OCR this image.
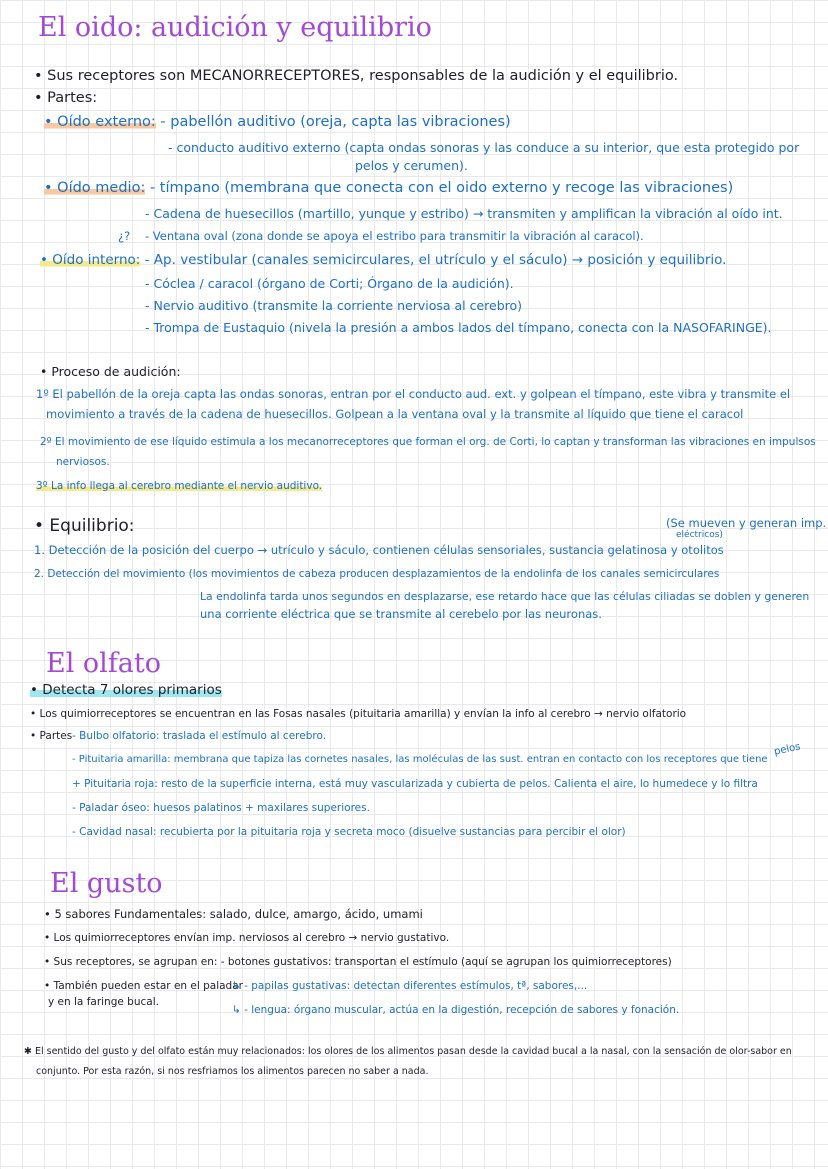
El oido: audición y equilibrio
• Sus receptores son MECANORRECEPTORES, responsables de la audición y el equilibrio.
• Partes:
• Oído externo: - pabellón auditivo (oreja, capta las vibraciones)
- conducto auditivo externo (capta ondas sonoras y las conduce a su interior, que esta protegido por
pelos y cerumen).
• Oído medio: - tímpano (membrana que conecta con el oido externo y recoge las vibraciones)
- Cadena de huesecillos (martillo, yunque y estribo) → transmiten y amplifican la vibración al oído int.
¿? - Ventana oval (zona donde se apoya el estribo para transmitir la vibración al caracol).
• Oído interno: - Ap. vestibular (canales semicirculares, el utrículo y el sáculo) → posición y equilibrio.
- Cóclea / caracol (órgano de Corti; Órgano de la audición).
- Nervio auditivo (transmite la corriente nerviosa al cerebro)
- Trompa de Eustaquio (nivela la presión a ambos lados del tímpano, conecta con la NASOFARINGE).
• Proceso de audición:
1º El pabellón de la oreja capta las ondas sonoras, entran por el conducto aud. ext. y golpean el tímpano, este vibra y transmite el
movimiento a través de la cadena de huesecillos. Golpean a la ventana oval y la transmite al líquido que tiene el caracol
2º El movimiento de ese líquido estimula a los mecanorreceptores que forman el org. de Corti, lo captan y transforman las vibraciones en impulsos
nerviosos.
3º La info llega al cerebro mediante el nervio auditivo.
• Equilibrio:	(Se mueven y generan imp.
eléctricos)
1. Detección de la posición del cuerpo → utrículo y sáculo, contienen células sensoriales, sustancia gelatinosa y otolitos
2. Detección del movimiento (los movimientos de cabeza producen desplazamientos de la endolinfa de los canales semicirculares
La endolinfa tarda unos segundos en desplazarse, ese retardo hace que las células ciliadas se doblen y generen
una corriente eléctrica que se transmite al cerebelo por las neuronas.
El olfato
• Detecta 7 olores primarios
• Los quimiorreceptores se encuentran en las Fosas nasales (pituitaria amarilla) y envían la info al cerebro → nervio olfatorio
• Partes - Bulbo olfatorio: traslada el estímulo al cerebro.
- Pituitaria amarilla: membrana que tapiza las cornetes nasales, las moléculas de las sust. entran en contacto con los receptores que tiene
pelos
+ Pituitaria roja: resto de la superficie interna, está muy vascularizada y cubierta de pelos. Calienta el aire, lo humedece y lo filtra
- Paladar óseo: huesos palatinos + maxilares superiores.
- Cavidad nasal: recubierta por la pituitaria roja y secreta moco (disuelve sustancias para percibir el olor)
El gusto
• 5 sabores Fundamentales: salado, dulce, amargo, ácido, umami
• Los quimiorreceptores envían imp. nerviosos al cerebro → nervio gustativo.
• Sus receptores, se agrupan en: - botones gustativos: transportan el estímulo (aquí se agrupan los quimiorreceptores)
• También pueden estar en el paladar
y en la faringe bucal.
↳ - papilas gustativas: detectan diferentes estímulos, tª, sabores,...
↳ - lengua: órgano muscular, actúa en la digestión, recepción de sabores y fonación.
✱ El sentido del gusto y del olfato están muy relacionados: los olores de los alimentos pasan desde la cavidad bucal a la nasal, con la sensación de olor-sabor en
conjunto. Por esta razón, si nos resfriamos los alimentos parecen no saber a nada.
